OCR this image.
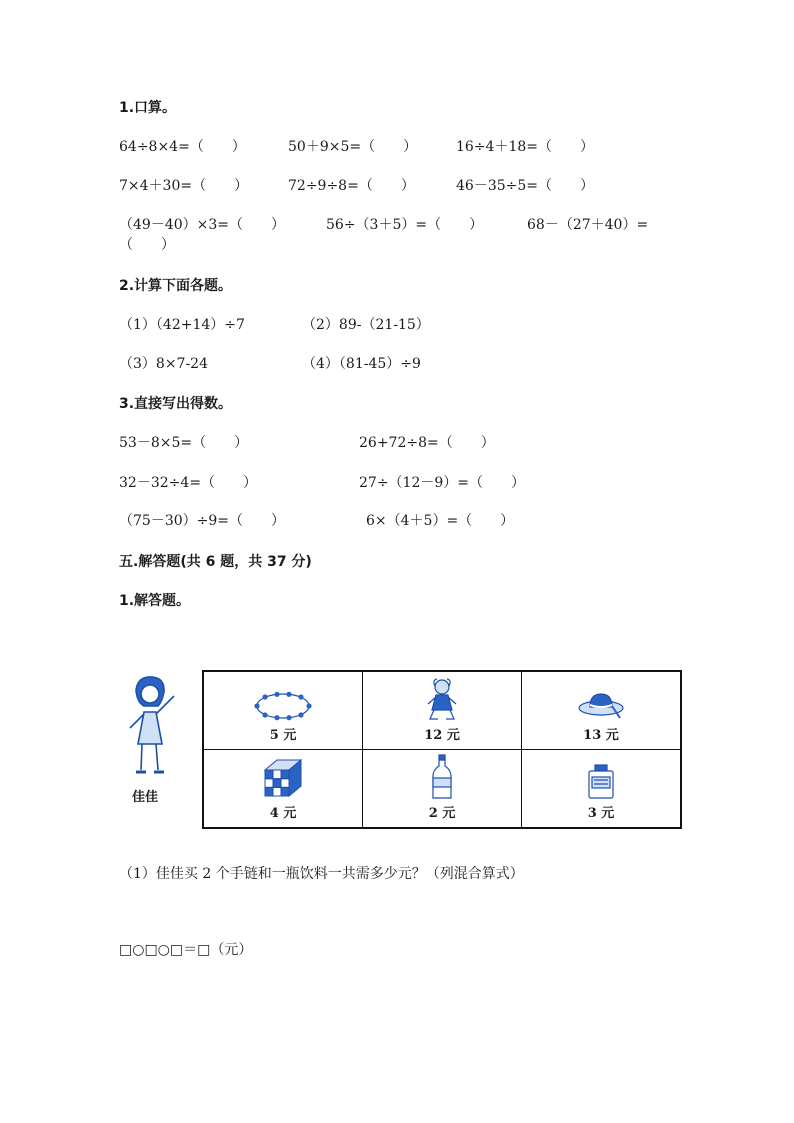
1.口算。
64÷8×4=（　　）	50＋9×5=（　　）	16÷4＋18=（　　）
7×4＋30=（　　）	72÷9÷8=（　　）	46－35÷5=（　　）
（49－40）×3=（　　）	56÷（3＋5）=（　　）	68－（27＋40）=
（　　）
2.计算下面各题。
（1）（42+14）÷7	（2）89-（21-15）
（3）8×7-24	（4）（81-45）÷9
3.直接写出得数。
53－8×5=（　　）	26+72÷8=（　　）
32－32÷4=（　　）	27÷（12－9）=（　　）
（75－30）÷9=（　　）	6×（4＋5）=（　　）
五.解答题(共 6 题，共 37 分)
1.解答题。
佳佳
5 元	12 元	13 元

4 元	2 元	3 元
（1）佳佳买 2 个手链和一瓶饮料一共需多少元？（列混合算式）
□○□○□＝□（元）
